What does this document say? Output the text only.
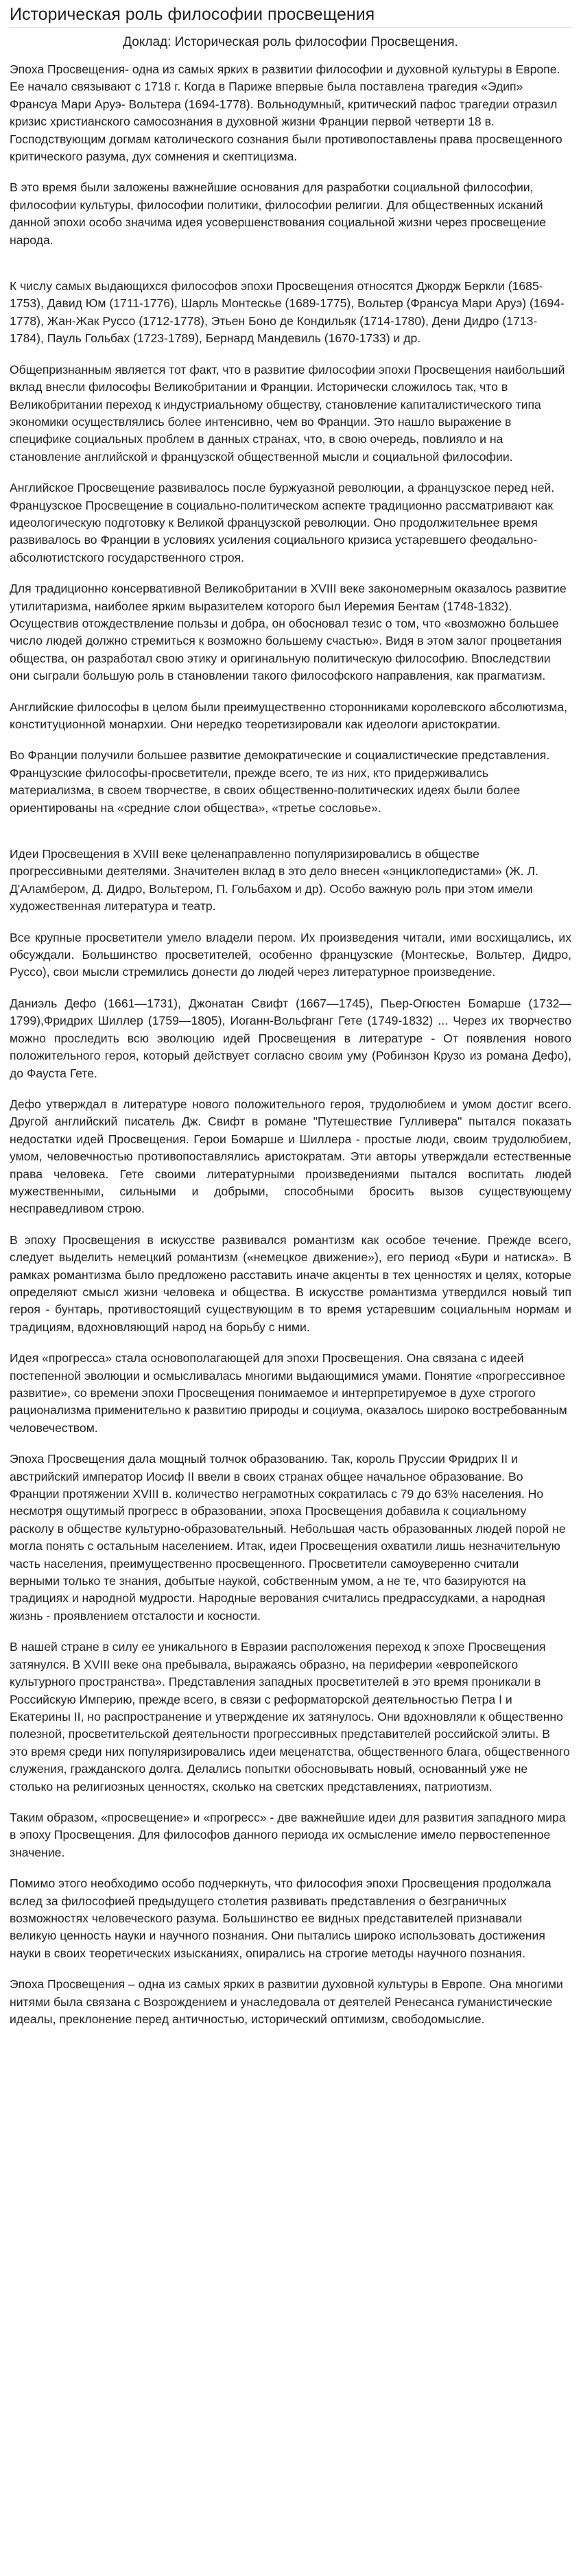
Историческая роль философии просвещения
Доклад: Историческая роль философии Просвещения.

Эпоха Просвещения- одна из самых ярких в развитии философии и духовной культуры в Европе. Ее начало связывают с 1718 г. Когда в Париже впервые была поставлена трагедия «Эдип» Франсуа Мари Аруэ- Вольтера (1694-1778). Вольнодумный, критический пафос трагедии отразил кризис христианского самосознания в духовной жизни Франции первой четверти 18 в. Господствующим догмам католического сознания были противопоставлены права просвещенного критического разума, дух сомнения и скептицизма.

В это время были заложены важнейшие основания для разработки социальной философии, философии культуры, философии политики, философии религии. Для общественных исканий данной эпохи особо значима идея усовершенствования социальной жизни через просвещение народа.

К числу самых выдающихся философов эпохи Просвещения относятся Джордж Беркли (1685-1753), Давид Юм (1711-1776), Шарль Монтескье (1689-1775), Вольтер (Франсуа Мари Аруэ) (1694-1778), Жан-Жак Руссо (1712-1778), Этьен Боно де Кондильяк (1714-1780), Дени Дидро (1713-1784), Пауль Гольбах (1723-1789), Бернард Мандевиль (1670-1733) и др.

Общепризнанным является тот факт, что в развитие философии эпохи Просвещения наибольший вклад внесли философы Великобритании и Франции. Исторически сложилось так, что в Великобритании переход к индустриальному обществу, становление капиталистического типа экономики осуществлялись более интенсивно, чем во Франции. Это нашло выражение в специфике социальных проблем в данных странах, что, в свою очередь, повлияло и на становление английской и французской общественной мысли и социальной философии.

Английское Просвещение развивалось после буржуазной революции, а французское перед ней. Французское Просвещение в социально-политическом аспекте традиционно рассматривают как идеологическую подготовку к Великой французской революции. Оно продолжительнее время развивалось во Франции в условиях усиления социального кризиса устаревшего феодально-абсолютистского государственного строя.

Для традиционно консервативной Великобритании в XVIII веке закономерным оказалось развитие утилитаризма, наиболее ярким выразителем которого был Иеремия Бентам (1748-1832). Осуществив отождествление пользы и добра, он обосновал тезис о том, что «возможно большее число людей должно стремиться к возможно большему счастью». Видя в этом залог процветания общества, он разработал свою этику и оригинальную политическую философию. Впоследствии они сыграли большую роль в становлении такого философского направления, как прагматизм.

Английские философы в целом были преимущественно сторонниками королевского абсолютизма, конституционной монархии. Они нередко теоретизировали как идеологи аристократии.

Во Франции получили большее развитие демократические и социалистические представления. Французские философы-просветители, прежде всего, те из них, кто придерживались материализма, в своем творчестве, в своих общественно-политических идеях были более ориентированы на «средние слои общества», «третье сословье».

Идеи Просвещения в XVIII веке целенаправленно популяризировались в обществе прогрессивными деятелями. Значителен вклад в это дело внесен «энциклопедистами» (Ж. Л. Д'Аламбером, Д. Дидро, Вольтером, П. Гольбахом и др). Особо важную роль при этом имели художественная литература и театр.

Все крупные просветители умело владели пером. Их произведения читали, ими восхищались, их обсуждали. Большинство просветителей, особенно французские (Монтескье, Вольтер, Дидро, Руссо), свои мысли стремились донести до людей через литературное произведение.

Даниэль Дефо (1661—1731), Джонатан Свифт (1667—1745), Пьер-Огюстен Бомарше (1732—1799),Фридрих Шиллер (1759—1805), Иоганн-Вольфганг Гете (1749-1832) ... Через их творчество можно проследить всю эволюцию идей Просвещения в литературе - От появления нового положительного героя, который действует согласно своим уму (Робинзон Крузо из романа Дефо), до Фауста Гете.

Дефо утверждал в литературе нового положительного героя, трудолюбием и умом достиг всего. Другой английский писатель Дж. Свифт в романе "Путешествие Гулливера" пытался показать недостатки идей Просвещения. Герои Бомарше и Шиллера - простые люди, своим трудолюбием, умом, человечностью противопоставлялись аристократам. Эти авторы утверждали естественные права человека. Гете своими литературными произведениями пытался воспитать людей мужественными, сильными и добрыми, способными бросить вызов существующему несправедливом строю.

В эпоху Просвещения в искусстве развивался романтизм как особое течение. Прежде всего, следует выделить немецкий романтизм («немецкое движение»), его период «Бури и натиска». В рамках романтизма было предложено расставить иначе акценты в тех ценностях и целях, которые определяют смысл жизни человека и общества. В искусстве романтизма утвердился новый тип героя - бунтарь, противостоящий существующим в то время устаревшим социальным нормам и традициям, вдохновляющий народ на борьбу с ними.

Идея «прогресса» стала основополагающей для эпохи Просвещения. Она связана с идеей постепенной эволюции и осмысливалась многими выдающимися умами. Понятие «прогрессивное развитие», со времени эпохи Просвещения понимаемое и интерпретируемое в духе строгого рационализма применительно к развитию природы и социума, оказалось широко востребованным человечеством.

Эпоха Просвещения дала мощный толчок образованию. Так, король Пруссии Фридрих II и австрийский император Иосиф II ввели в своих странах общее начальное образование. Во Франции протяжении XVIII в. количество неграмотных сократилась с 79 до 63% населения. Но несмотря ощутимый прогресс в образовании, эпоха Просвещения добавила к социальному расколу в обществе культурно-образовательный. Небольшая часть образованных людей порой не могла понять с остальным населением. Итак, идеи Просвещения охватили лишь незначительную часть населения, преимущественно просвещенного. Просветители самоуверенно считали верными только те знания, добытые наукой, собственным умом, а не те, что базируются на традициях и народной мудрости. Народные верования считались предрассудками, а народная жизнь - проявлением отсталости и косности.

В нашей стране в силу ее уникального в Евразии расположения переход к эпохе Просвещения затянулся. В XVIII веке она пребывала, выражаясь образно, на периферии «европейского культурного пространства». Представления западных просветителей в это время проникали в Российскую Империю, прежде всего, в связи с реформаторской деятельностью Петра I и Екатерины II, но распространение и утверждение их затянулось. Они вдохновляли к общественно полезной, просветительской деятельности прогрессивных представителей российской элиты. В это время среди них популяризировались идеи меценатства, общественного блага, общественного служения, гражданского долга. Делались попытки обосновывать новый, основанный уже не столько на религиозных ценностях, сколько на светских представлениях, патриотизм.

Таким образом, «просвещение» и «прогресс» - две важнейшие идеи для развития западного мира в эпоху Просвещения. Для философов данного периода их осмысление имело первостепенное значение.

Помимо этого необходимо особо подчеркнуть, что философия эпохи Просвещения продолжала вслед за философией предыдущего столетия развивать представления о безграничных возможностях человеческого разума. Большинство ее видных представителей признавали великую ценность науки и научного познания. Они пытались широко использовать достижения науки в своих теоретических изысканиях, опирались на строгие методы научного познания.

Эпоха Просвещения – одна из самых ярких в развитии духовной культуры в Европе. Она многими нитями была связана с Возрождением и унаследовала от деятелей Ренесанса гуманистические идеалы, преклонение перед античностью, исторический оптимизм, свободомыслие.
